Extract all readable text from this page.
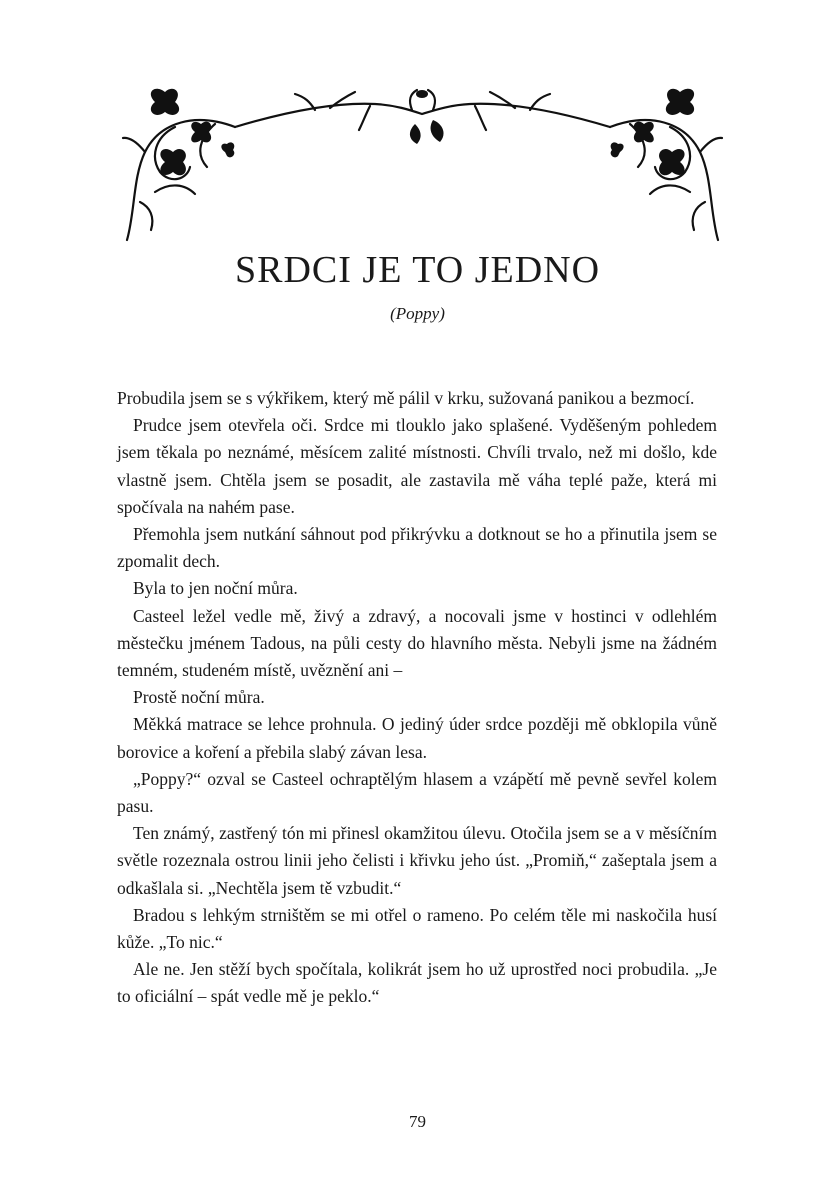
SRDCI JE TO JEDNO
(Poppy)

Probudila jsem se s výkřikem, který mě pálil v krku, sužovaná panikou a bezmocí.

Prudce jsem otevřela oči. Srdce mi tlouklo jako splašené. Vyděšeným pohledem jsem těkala po neznámé, měsícem zalité místnosti. Chvíli trvalo, než mi došlo, kde vlastně jsem. Chtěla jsem se posadit, ale zastavila mě váha teplé paže, která mi spočívala na nahém pase.

Přemohla jsem nutkání sáhnout pod přikrývku a dotknout se ho a přinutila jsem se zpomalit dech.

Byla to jen noční můra.

Casteel ležel vedle mě, živý a zdravý, a nocovali jsme v hostinci v odlehlém městečku jménem Tadous, na půli cesty do hlavního města. Nebyli jsme na žádném temném, studeném místě, uvěznění ani –

Prostě noční můra.

Měkká matrace se lehce prohnula. O jediný úder srdce později mě obklopila vůně borovice a koření a přebila slabý závan lesa.

„Poppy?“ ozval se Casteel ochraptělým hlasem a vzápětí mě pevně sevřel kolem pasu.

Ten známý, zastřený tón mi přinesl okamžitou úlevu. Otočila jsem se a v měsíčním světle rozeznala ostrou linii jeho čelisti i křivku jeho úst. „Promiň,“ zašeptala jsem a odkašlala si. „Nechtěla jsem tě vzbudit.“

Bradou s lehkým strništěm se mi otřel o rameno. Po celém těle mi naskočila husí kůže. „To nic.“

Ale ne. Jen stěží bych spočítala, kolikrát jsem ho už uprostřed noci probudila. „Je to oficiální – spát vedle mě je peklo.“

79
